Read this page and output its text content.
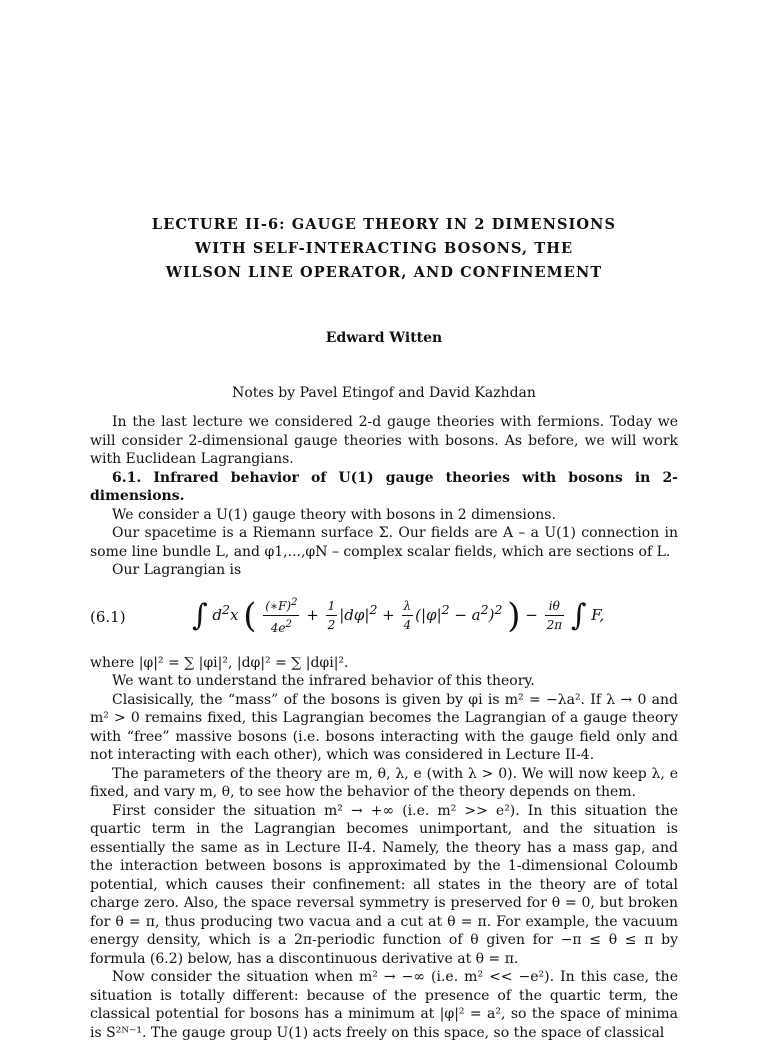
LECTURE II-6: GAUGE THEORY IN 2 DIMENSIONS
WITH SELF-INTERACTING BOSONS, THE
WILSON LINE OPERATOR, AND CONFINEMENT
Edward Witten
Notes by Pavel Etingof and David Kazhdan

In the last lecture we considered 2-d gauge theories with fermions. Today we will consider 2-dimensional gauge theories with bosons. As before, we will work with Euclidean Lagrangians.

6.1. Infrared behavior of U(1) gauge theories with bosons in 2-dimensions.

We consider a U(1) gauge theory with bosons in 2 dimensions.

Our spacetime is a Riemann surface Σ. Our fields are A – a U(1) connection in some line bundle L, and φ1,...,φN – complex scalar fields, which are sections of L.

Our Lagrangian is

(6.1) ∫ $d^2x$ ( $\frac{(∗F)^2}{4e^2} + \frac{1}{2} |d\varphi|^2 + \frac{\lambda}{4} (|\varphi|^2 - a^2)^2$ ) − $\frac{i\theta}{2\pi}$ ∫ F,

where |φ|² = ∑ |φi|², |dφ|² = ∑ |dφi|².

We want to understand the infrared behavior of this theory.

Clasisically, the “mass” of the bosons is given by φi is m² = −λa². If λ → 0 and m² > 0 remains fixed, this Lagrangian becomes the Lagrangian of a gauge theory with “free” massive bosons (i.e. bosons interacting with the gauge field only and not interacting with each other), which was considered in Lecture II-4.

The parameters of the theory are m, θ, λ, e (with λ > 0). We will now keep λ, e fixed, and vary m, θ, to see how the behavior of the theory depends on them.

First consider the situation m² → +∞ (i.e. m² >> e²). In this situation the quartic term in the Lagrangian becomes unimportant, and the situation is essentially the same as in Lecture II-4. Namely, the theory has a mass gap, and the interaction between bosons is approximated by the 1-dimensional Coloumb potential, which causes their confinement: all states in the theory are of total charge zero. Also, the space reversal symmetry is preserved for θ = 0, but broken for θ = π, thus producing two vacua and a cut at θ = π. For example, the vacuum energy density, which is a 2π-periodic function of θ given for −π ≤ θ ≤ π by formula (6.2) below, has a discontinuous derivative at θ = π.

Now consider the situation when m² → −∞ (i.e. m² << −e²). In this case, the situation is totally different: because of the presence of the quartic term, the classical potential for bosons has a minimum at |φ|² = a², so the space of minima is S²ᴺ⁻¹. The gauge group U(1) acts freely on this space, so the space of classical
